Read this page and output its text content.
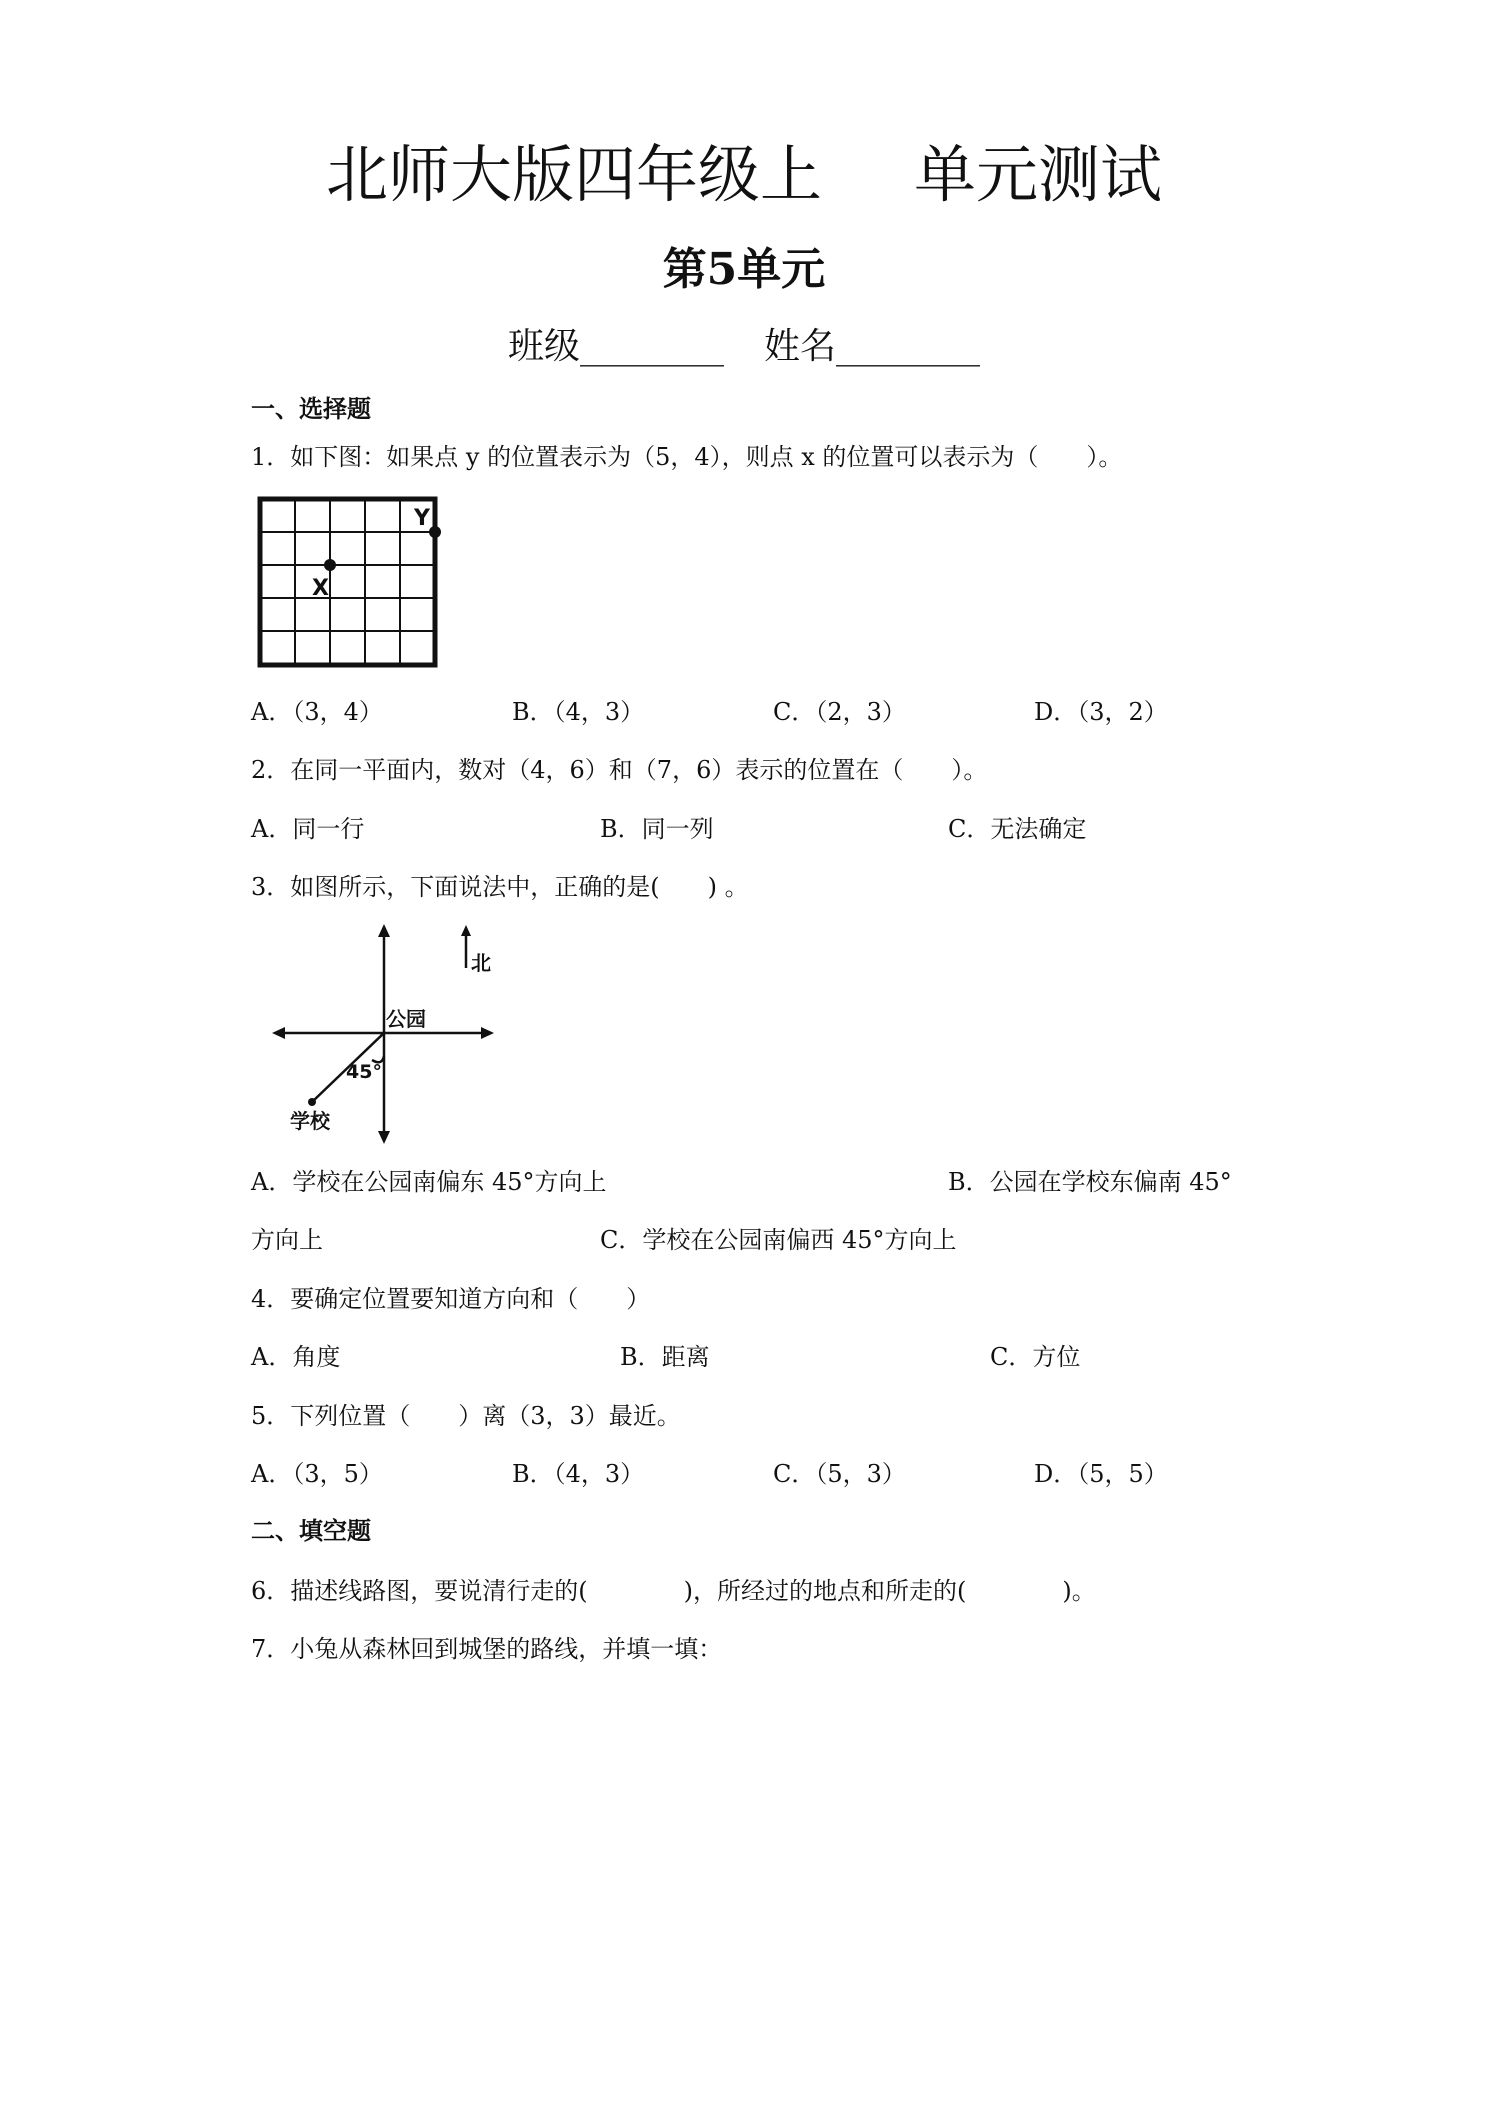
北师大版四年级上 单元测试
第5单元
班级________ 姓名________
一、选择题
1．如下图：如果点 y 的位置表示为（5，4），则点 x 的位置可以表示为（　　）。
X
Y
A．（3，4）	B．（4，3）	C．（2，3）	D．（3，2）
2．在同一平面内，数对（4，6）和（7，6）表示的位置在（　　）。
A．同一行	B．同一列	C．无法确定
3．如图所示，下面说法中，正确的是(　　) 。
北
公园
45°
学校
A．学校在公园南偏东 45°方向上	B．公园在学校东偏南 45°
方向上	C．学校在公园南偏西 45°方向上
4．要确定位置要知道方向和（　　）
A．角度	B．距离	C．方位
5．下列位置（　　）离（3，3）最近。
A．（3，5）	B．（4，3）	C．（5，3）	D．（5，5）
二、填空题
6．描述线路图，要说清行走的(　　　　)，所经过的地点和所走的(　　　　)。
7．小兔从森林回到城堡的路线，并填一填：
